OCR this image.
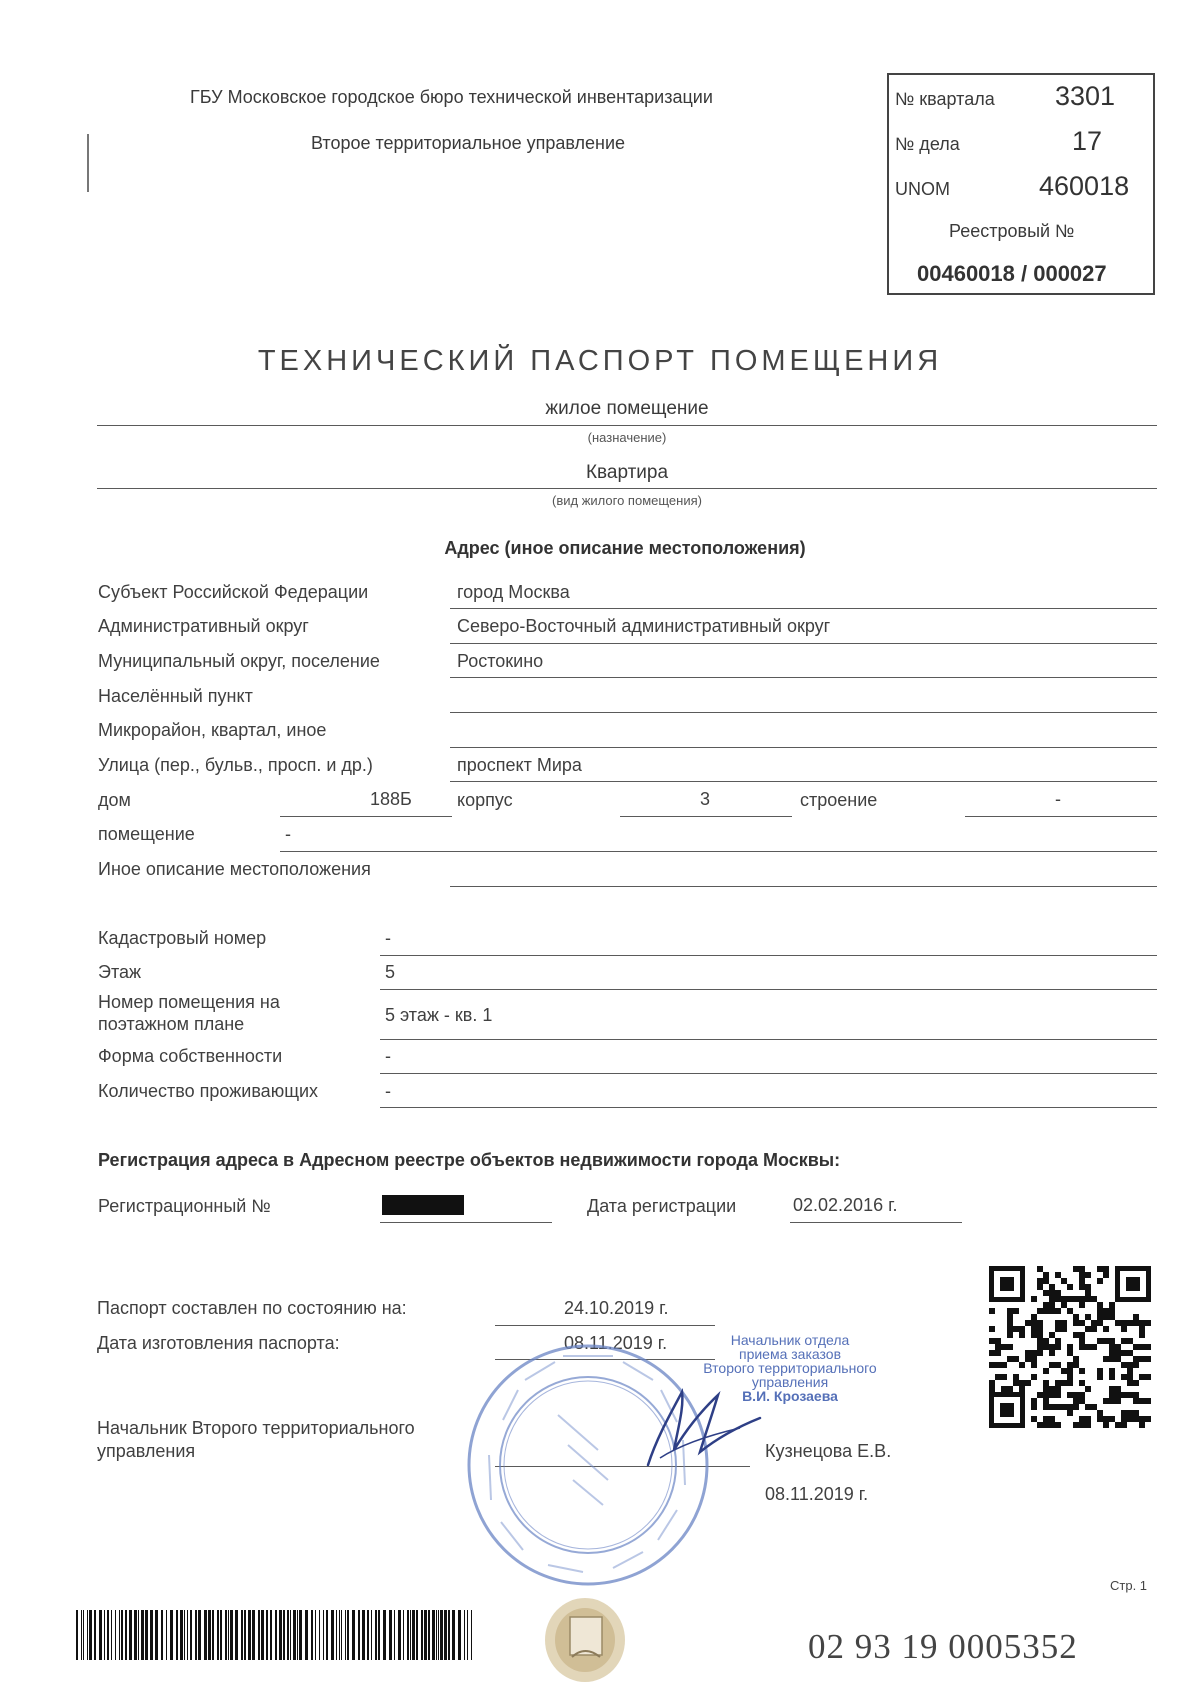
ГБУ Московское городское бюро технической инвентаризации
Второе территориальное управление
№ квартала 3301
№ дела	17
UNOM	460018
Реестровый №
00460018 / 000027
ТЕХНИЧЕСКИЙ ПАСПОРТ ПОМЕЩЕНИЯ
жилое помещение
(назначение)
Квартира
(вид жилого помещения)
Адрес (иное описание местоположения)
Субъект Российской Федерации	город Москва
Административный округ	Северо-Восточный административный округ
Муниципальный округ, поселение	Ростокино
Населённый пункт
Микрорайон, квартал, иное
Улица (пер., бульв., просп. и др.)	проспект Мира
дом	188Б	корпус	3	строение	-
помещение	-
Иное описание местоположения
Кадастровый номер	-
Этаж	5
Номер помещения на
поэтажном плане	5 этаж - кв. 1
Форма собственности	-
Количество проживающих	-
Регистрация адреса в Адресном реестре объектов недвижимости города Москвы:
Регистрационный №	Дата регистрации	02.02.2016 г.
Паспорт составлен по состоянию на:	24.10.2019 г.
Дата изготовления паспорта:	08.11.2019 г.
Начальник Второго территориального
управления	Кузнецова Е.В.
08.11.2019 г.
Начальник отдела
приема заказов
Второго территориального
управления
В.И. Крозаева
Стр. 1
02 93 19 0005352
